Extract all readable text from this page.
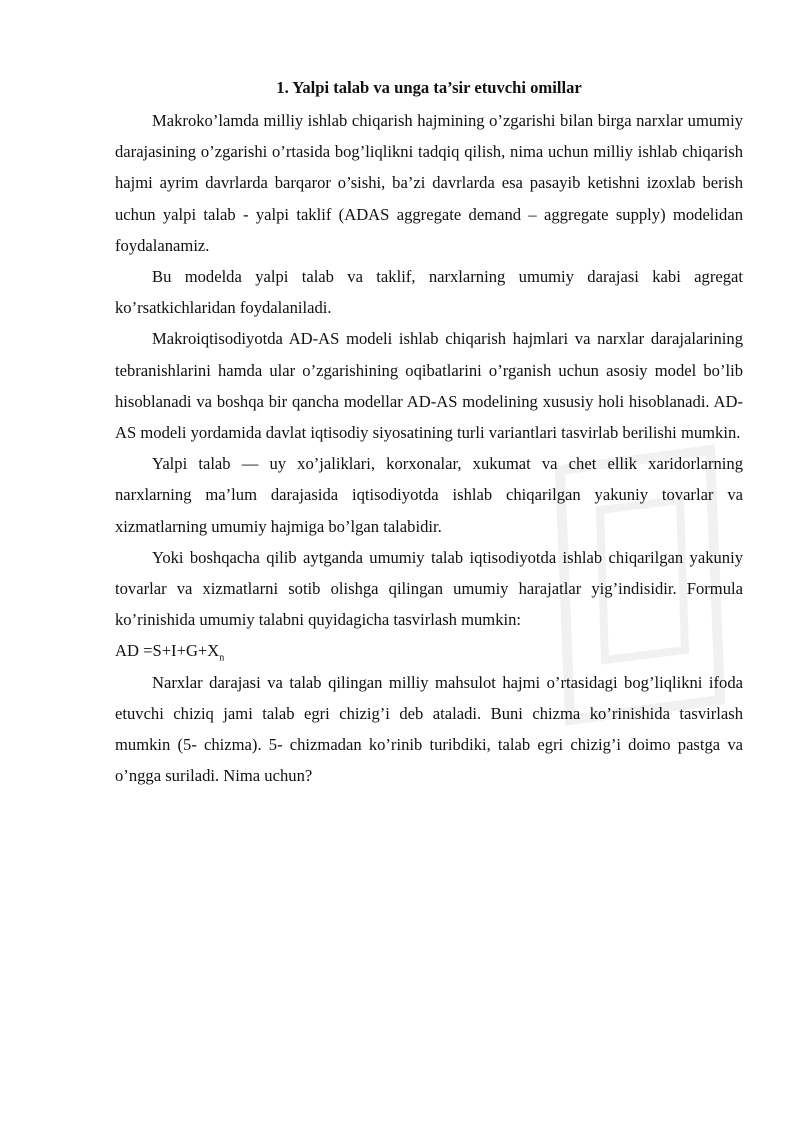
1. Yalpi talab va unga ta’sir etuvchi omillar

Makroko’lamda milliy ishlab chiqarish hajmining o’zgarishi bilan birga narxlar umumiy darajasining o’zgarishi o’rtasida bog’liqlikni tadqiq qilish, nima uchun milliy ishlab chiqarish hajmi ayrim davrlarda barqaror o’sishi, ba’zi davrlarda esa pasayib ketishni izoxlab berish uchun yalpi talab - yalpi taklif (ADAS aggregate demand – aggregate supply) modelidan foydalanamiz.

Bu modelda yalpi talab va taklif, narxlarning umumiy darajasi kabi agregat ko’rsatkichlaridan foydalaniladi.

Makroiqtisodiyotda AD-AS modeli ishlab chiqarish hajmlari va narxlar darajalarining tebranishlarini hamda ular o’zgarishining oqibatlarini o’rganish uchun asosiy model bo’lib hisoblanadi va boshqa bir qancha modellar AD-AS modelining xususiy holi hisoblanadi. AD-AS modeli yordamida davlat iqtisodiy siyosatining turli variantlari tasvirlab berilishi mumkin.

Yalpi talab — uy xo’jaliklari, korxonalar, xukumat va chet ellik xaridorlarning narxlarning ma’lum darajasida iqtisodiyotda ishlab chiqarilgan yakuniy tovarlar va xizmatlarning umumiy hajmiga bo’lgan talabidir.

Yoki boshqacha qilib aytganda umumiy talab iqtisodiyotda ishlab chiqarilgan yakuniy tovarlar va xizmatlarni sotib olishga qilingan umumiy harajatlar yig’indisidir. Formula ko’rinishida umumiy talabni quyidagicha tasvirlash mumkin:

AD $=S+I+G+X_n$

Narxlar darajasi va talab qilingan milliy mahsulot hajmi o’rtasidagi bog’liqlikni ifoda etuvchi chiziq jami talab egri chizig’i deb ataladi. Buni chizma ko’rinishida tasvirlash mumkin (5- chizma). 5- chizmadan ko’rinib turibdiki, talab egri chizig’i doimo pastga va o’ngga suriladi. Nima uchun?
